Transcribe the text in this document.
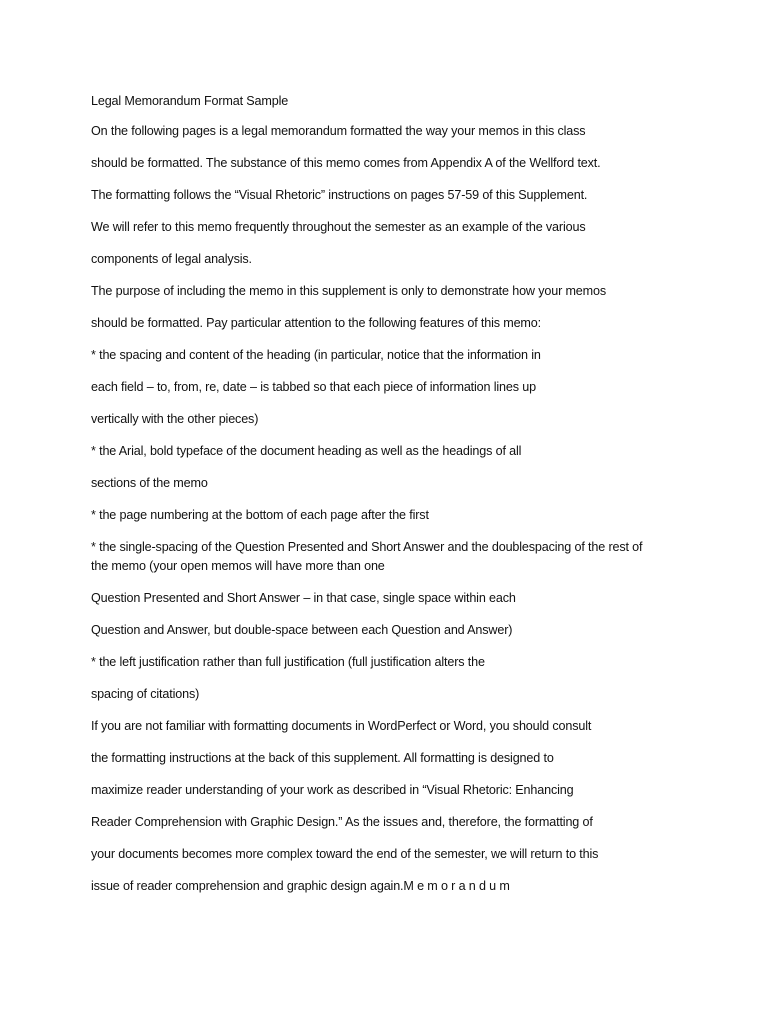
Legal Memorandum Format Sample
On the following pages is a legal memorandum formatted the way your memos in this class
should be formatted. The substance of this memo comes from Appendix A of the Wellford text.
The formatting follows the “Visual Rhetoric” instructions on pages 57-59 of this Supplement.
We will refer to this memo frequently throughout the semester as an example of the various
components of legal analysis.
The purpose of including the memo in this supplement is only to demonstrate how your memos
should be formatted. Pay particular attention to the following features of this memo:
* the spacing and content of the heading (in particular, notice that the information in
each field – to, from, re, date – is tabbed so that each piece of information lines up
vertically with the other pieces)
* the Arial, bold typeface of the document heading as well as the headings of all
sections of the memo
* the page numbering at the bottom of each page after the first
* the single-spacing of the Question Presented and Short Answer and the doublespacing of the rest of
the memo (your open memos will have more than one
Question Presented and Short Answer – in that case, single space within each
Question and Answer, but double-space between each Question and Answer)
* the left justification rather than full justification (full justification alters the
spacing of citations)
If you are not familiar with formatting documents in WordPerfect or Word, you should consult
the formatting instructions at the back of this supplement. All formatting is designed to
maximize reader understanding of your work as described in “Visual Rhetoric: Enhancing
Reader Comprehension with Graphic Design.” As the issues and, therefore, the formatting of
your documents becomes more complex toward the end of the semester, we will return to this
issue of reader comprehension and graphic design again.M e m o r a n d u m
